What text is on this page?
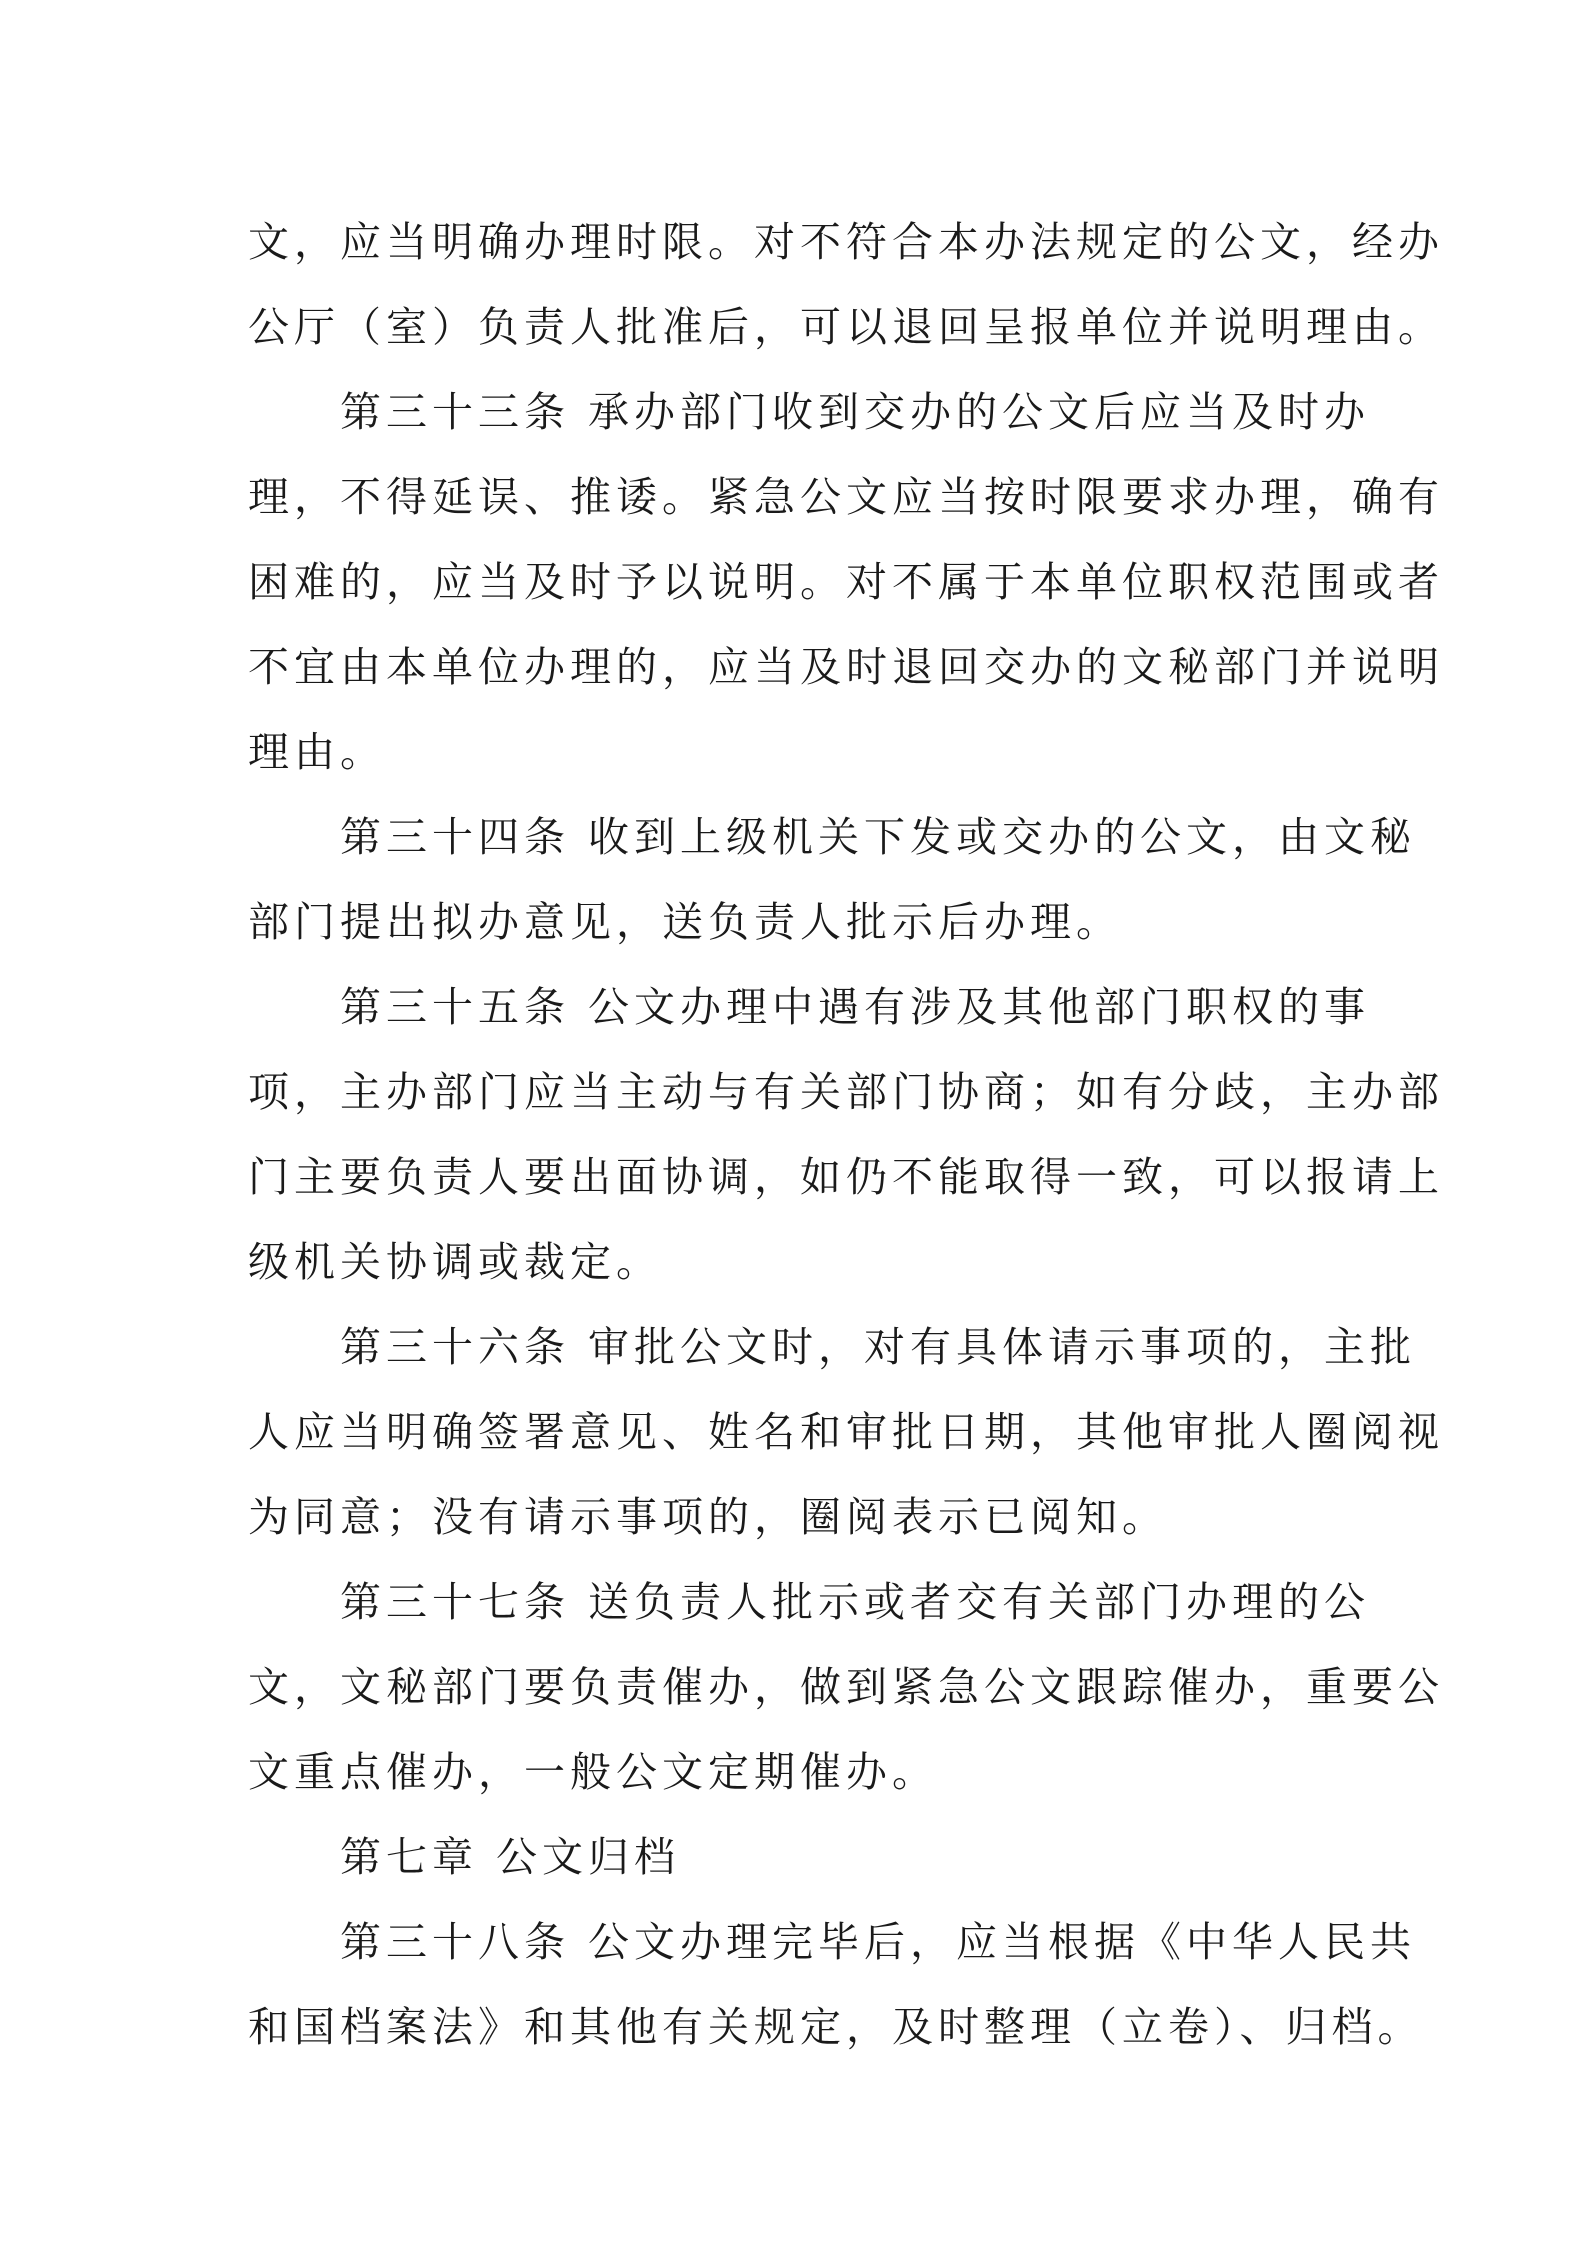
文，应当明确办理时限。对不符合本办法规定的公文，经办
公厅（室）负责人批准后，可以退回呈报单位并说明理由。
第三十三条 承办部门收到交办的公文后应当及时办
理，不得延误、推诿。紧急公文应当按时限要求办理，确有
困难的，应当及时予以说明。对不属于本单位职权范围或者
不宜由本单位办理的，应当及时退回交办的文秘部门并说明
理由。
第三十四条 收到上级机关下发或交办的公文，由文秘
部门提出拟办意见，送负责人批示后办理。
第三十五条 公文办理中遇有涉及其他部门职权的事
项，主办部门应当主动与有关部门协商；如有分歧，主办部
门主要负责人要出面协调，如仍不能取得一致，可以报请上
级机关协调或裁定。
第三十六条 审批公文时，对有具体请示事项的，主批
人应当明确签署意见、姓名和审批日期，其他审批人圈阅视
为同意；没有请示事项的，圈阅表示已阅知。
第三十七条 送负责人批示或者交有关部门办理的公
文，文秘部门要负责催办，做到紧急公文跟踪催办，重要公
文重点催办，一般公文定期催办。
第七章 公文归档
第三十八条 公文办理完毕后，应当根据《中华人民共
和国档案法》和其他有关规定，及时整理（立卷）、归档。
